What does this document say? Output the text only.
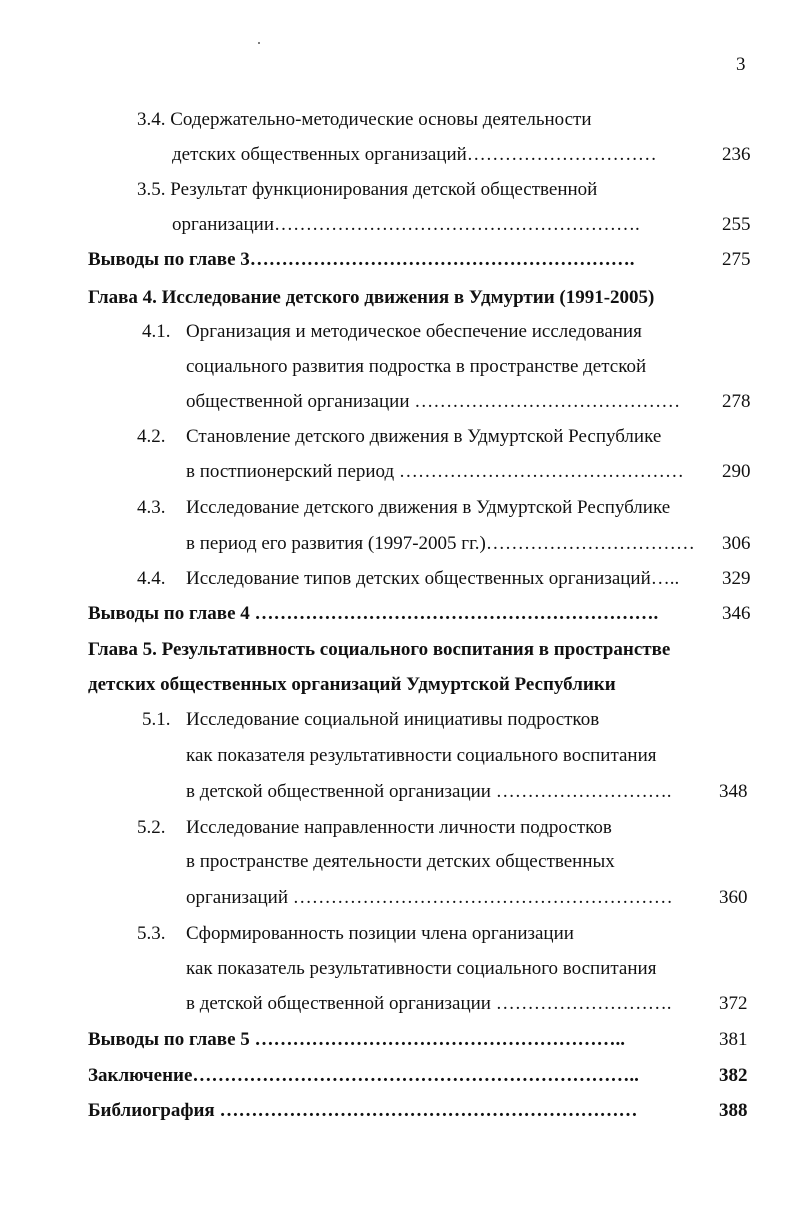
3
3.4. Содержательно-методические основы деятельности
детских общественных организаций…………………………	236
3.5. Результат функционирования детской общественной
организации………………………………………………….	255
Выводы по главе 3…………………………………………………….	275
Глава 4. Исследование детского движения в Удмуртии (1991-2005)
4.1. Организация и методическое обеспечение исследования
социального развития подростка в пространстве детской
общественной организации …………………………………… 278
4.2. Становление детского движения в Удмуртской Республике
в постпионерский период ……………………………………… 290
4.3. Исследование детского движения в Удмуртской Республике
в период его развития (1997-2005 гг.)…………………………… 306
4.4. Исследование типов детских общественных организаций….. 329
Выводы по главе 4 ……………………………………………………….	346
Глава 5. Результативность социального воспитания в пространстве
детских общественных организаций Удмуртской Республики
5.1. Исследование социальной инициативы подростков
как показателя результативности социального воспитания
в детской общественной организации ……………………….	348
5.2. Исследование направленности личности подростков
в пространстве деятельности детских общественных
организаций …………………………………………………… 360
5.3. Сформированность позиции члена организации
как показатель результативности социального воспитания
в детской общественной организации ……………………….	372
Выводы по главе 5 …………………………………………………..	381
Заключение……………………………………………………………..	382
Библиография …………………………………………………………	388
